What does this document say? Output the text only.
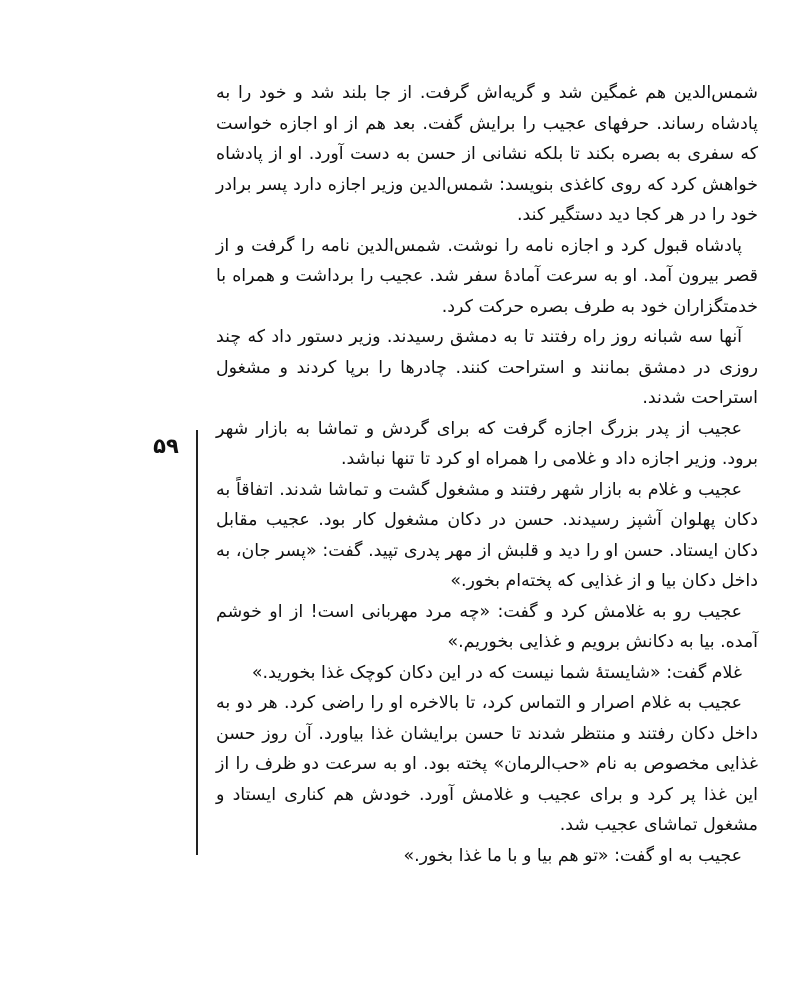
۵۹

شمس‌الدین هم غمگین شد و گریه‌اش گرفت. از جا بلند شد و خود را به پادشاه رساند. حرفهای عجیب را برایش گفت. بعد هم از او اجازه خواست که سفری به بصره بکند تا بلکه نشانی از حسن به دست آورد. او از پادشاه خواهش کرد که روی کاغذی بنویسد: شمس‌الدین وزیر اجازه دارد پسر برادر خود را در هر کجا دید دستگیر کند.

پادشاه قبول کرد و اجازه نامه را نوشت. شمس‌الدین نامه را گرفت و از قصر بیرون آمد. او به سرعت آمادهٔ سفر شد. عجیب را برداشت و همراه با خدمتگزاران خود به طرف بصره حرکت کرد.

آنها سه شبانه روز راه رفتند تا به دمشق رسیدند. وزیر دستور داد که چند روزی در دمشق بمانند و استراحت کنند. چادرها را برپا کردند و مشغول استراحت شدند.

عجیب از پدر بزرگ اجازه گرفت که برای گردش و تماشا به بازار شهر برود. وزیر اجازه داد و غلامی را همراه او کرد تا تنها نباشد.

عجیب و غلام به بازار شهر رفتند و مشغول گشت و تماشا شدند. اتفاقاً به دکان پهلوان آشپز رسیدند. حسن در دکان مشغول کار بود. عجیب مقابل دکان ایستاد. حسن او را دید و قلبش از مهر پدری تپید. گفت: «پسر جان، به داخل دکان بیا و از غذایی که پخته‌ام بخور.»

عجیب رو به غلامش کرد و گفت: «چه مرد مهربانی است! از او خوشم آمده. بیا به دکانش برویم و غذایی بخوریم.»

غلام گفت: «شایستهٔ شما نیست که در این دکان کوچک غذا بخورید.»

عجیب به غلام اصرار و التماس کرد، تا بالاخره او را راضی کرد. هر دو به داخل دکان رفتند و منتظر شدند تا حسن برایشان غذا بیاورد. آن روز حسن غذایی مخصوص به نام «حب‌الرمان» پخته بود. او به سرعت دو ظرف را از این غذا پر کرد و برای عجیب و غلامش آورد. خودش هم کناری ایستاد و مشغول تماشای عجیب شد.

عجیب به او گفت: «تو هم بیا و با ما غذا بخور.»
